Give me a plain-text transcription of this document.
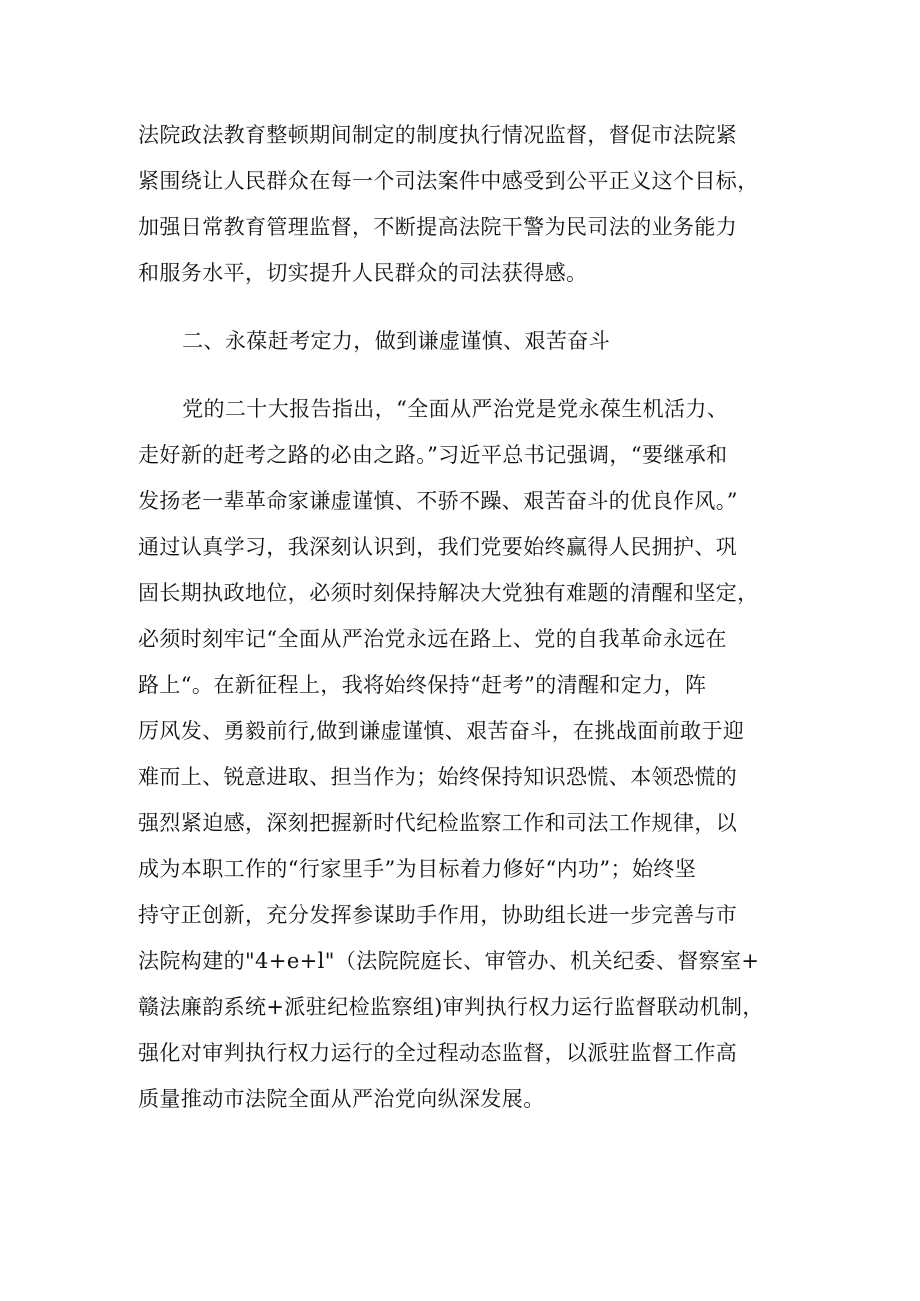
法院政法教育整顿期间制定的制度执行情况监督，督促市法院紧
紧围绕让人民群众在每一个司法案件中感受到公平正义这个目标，
加强日常教育管理监督，不断提高法院干警为民司法的业务能力
和服务水平，切实提升人民群众的司法获得感。

二、永葆赶考定力，做到谦虚谨慎、艰苦奋斗

党的二十大报告指出，“全面从严治党是党永葆生机活力、
走好新的赶考之路的必由之路。”习近平总书记强调，“要继承和
发扬老一辈革命家谦虚谨慎、不骄不躁、艰苦奋斗的优良作风。”
通过认真学习，我深刻认识到，我们党要始终赢得人民拥护、巩
固长期执政地位，必须时刻保持解决大党独有难题的清醒和坚定，
必须时刻牢记“全面从严治党永远在路上、党的自我革命永远在
路上“。在新征程上，我将始终保持“赶考”的清醒和定力，阵
厉风发、勇毅前行,做到谦虚谨慎、艰苦奋斗，在挑战面前敢于迎
难而上、锐意进取、担当作为；始终保持知识恐慌、本领恐慌的
强烈紧迫感，深刻把握新时代纪检监察工作和司法工作规律，以
成为本职工作的“行家里手”为目标着力修好“内功”；始终坚
持守正创新，充分发挥参谋助手作用，协助组长进一步完善与市
法院构建的"4+e+l"（法院院庭长、审管办、机关纪委、督察室+
赣法廉韵系统+派驻纪检监察组)审判执行权力运行监督联动机制，
强化对审判执行权力运行的全过程动态监督，以派驻监督工作高
质量推动市法院全面从严治党向纵深发展。
